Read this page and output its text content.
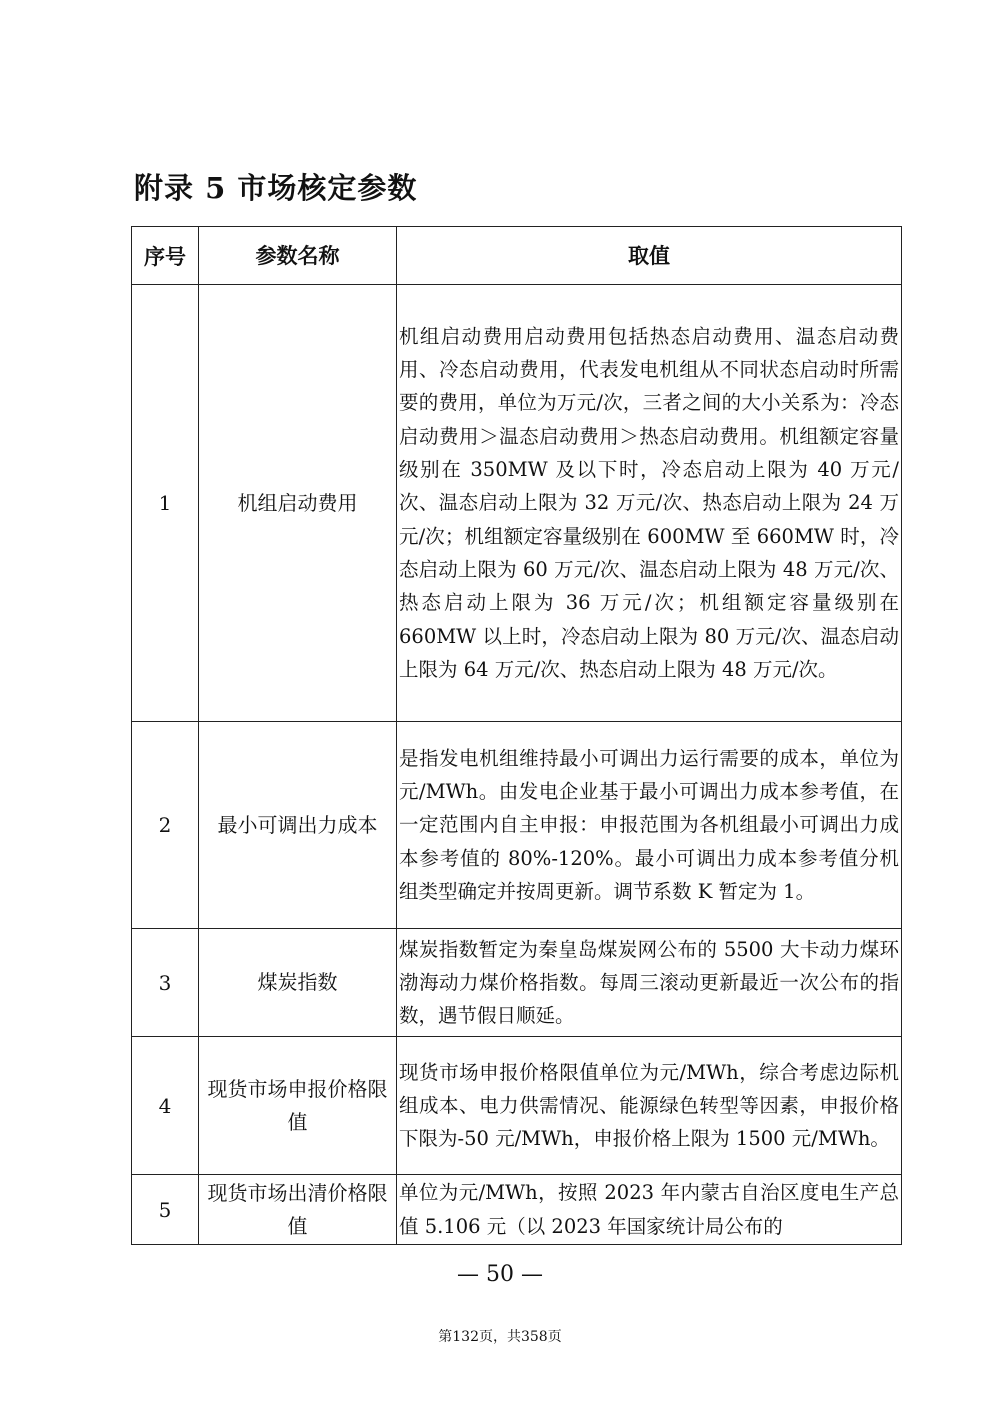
附录 5 市场核定参数
序号	参数名称	取值
1	机组启动费用	机组启动费用启动费用包括热态启动费用、温态启动费用、冷态启动费用，代表发电机组从不同状态启动时所需要的费用，单位为万元/次，三者之间的大小关系为：冷态启动费用＞温态启动费用＞热态启动费用。机组额定容量级别在 350MW 及以下时，冷态启动上限为 40 万元/次、温态启动上限为 32 万元/次、热态启动上限为 24 万元/次；机组额定容量级别在 600MW 至 660MW 时，冷态启动上限为 60 万元/次、温态启动上限为 48 万元/次、热态启动上限为 36 万元/次；机组额定容量级别在 660MW 以上时，冷态启动上限为 80 万元/次、温态启动上限为 64 万元/次、热态启动上限为 48 万元/次。
2	最小可调出力成本	是指发电机组维持最小可调出力运行需要的成本，单位为元/MWh。由发电企业基于最小可调出力成本参考值，在一定范围内自主申报：申报范围为各机组最小可调出力成本参考值的 80%-120%。最小可调出力成本参考值分机组类型确定并按周更新。调节系数 K 暂定为 1。
3	煤炭指数	煤炭指数暂定为秦皇岛煤炭网公布的 5500 大卡动力煤环渤海动力煤价格指数。每周三滚动更新最近一次公布的指数，遇节假日顺延。
4	现货市场申报价格限值	现货市场申报价格限值单位为元/MWh，综合考虑边际机组成本、电力供需情况、能源绿色转型等因素，申报价格下限为-50 元/MWh，申报价格上限为 1500 元/MWh。
5	现货市场出清价格限值	单位为元/MWh，按照 2023 年内蒙古自治区度电生产总值 5.106 元（以 2023 年国家统计局公布的
— 50 —
第132页，共358页
